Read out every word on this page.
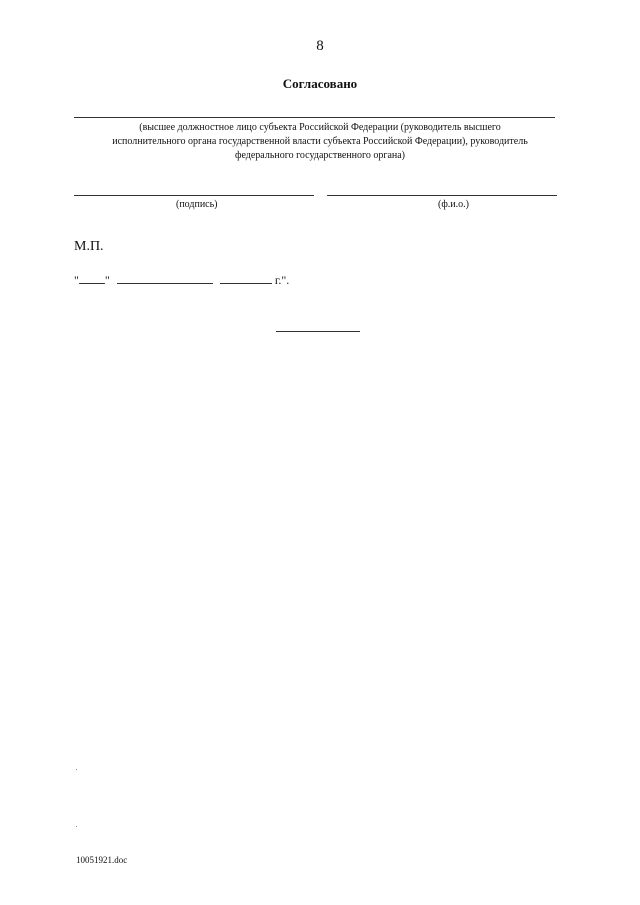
8
Согласовано
(высшее должностное лицо субъекта Российской Федерации (руководитель высшего исполнительного органа государственной власти субъекта Российской Федерации), руководитель федерального государственного органа)
(подпись)	(ф.и.о.)
М.П.
" "	г.".
10051921.doc
